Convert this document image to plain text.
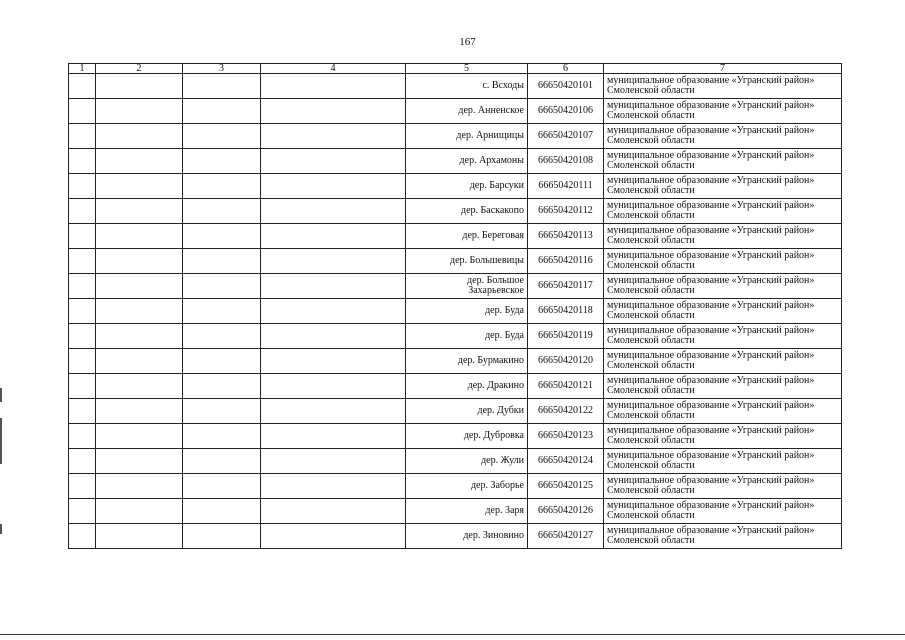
167
1	2	3	4	5	6	7
				с. Всходы	66650420101	муниципальное образование «Угранский район» Смоленской области
				дер. Анненское	66650420106	муниципальное образование «Угранский район» Смоленской области
				дер. Арнищицы	66650420107	муниципальное образование «Угранский район» Смоленской области
				дер. Архамоны	66650420108	муниципальное образование «Угранский район» Смоленской области
				дер. Барсуки	66650420111	муниципальное образование «Угранский район» Смоленской области
				дер. Баскакопо	66650420112	муниципальное образование «Угранский район» Смоленской области
				дер. Береговая	66650420113	муниципальное образование «Угранский район» Смоленской области
				дер. Большевицы	66650420116	муниципальное образование «Угранский район» Смоленской области
				дер. Большое Захарьевское	66650420117	муниципальное образование «Угранский район» Смоленской области
				дер. Буда	66650420118	муниципальное образование «Угранский район» Смоленской области
				дер. Буда	66650420119	муниципальное образование «Угранский район» Смоленской области
				дер. Бурмакино	66650420120	муниципальное образование «Угранский район» Смоленской области
				дер. Дракино	66650420121	муниципальное образование «Угранский район» Смоленской области
				дер. Дубки	66650420122	муниципальное образование «Угранский район» Смоленской области
				дер. Дубровка	66650420123	муниципальное образование «Угранский район» Смоленской области
				дер. Жули	66650420124	муниципальное образование «Угранский район» Смоленской области
				дер. Заборье	66650420125	муниципальное образование «Угранский район» Смоленской области
				дер. Заря	66650420126	муниципальное образование «Угранский район» Смоленской области
				дер. Зиновино	66650420127	муниципальное образование «Угранский район» Смоленской области
